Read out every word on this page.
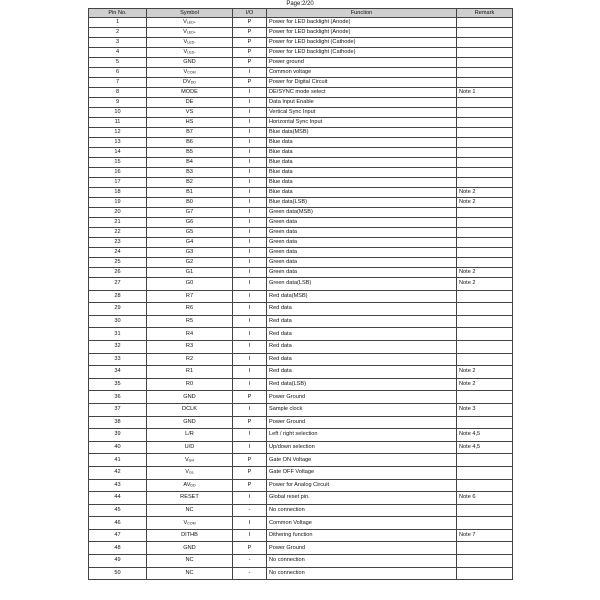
Page:2/20
Pin No.	Symbol	I/O	Function	Remark
1	$V_{LED+}$	P	Power for LED backlight (Anode)	
2	$V_{LED+}$	P	Power for LED backlight (Anode)	
3	$V_{LED-}$	P	Power for LED backlight (Cathode)	
4	$V_{LED-}$	P	Power for LED backlight (Cathode)	
5	GND	P	Power ground	
6	$V_{COM}$	I	Common voltage	
7	$DV_{DD}$	P	Power for Digital Circuit	
8	MODE	I	DE/SYNC mode select	Note 1
9	DE	I	Data Input Enable	
10	VS	I	Vertical Sync Input	
11	HS	I	Horizontal Sync Input	
12	B7	I	Blue data(MSB)	
13	B6	I	Blue data	
14	B5	I	Blue data	
15	B4	I	Blue data	
16	B3	I	Blue data	
17	B2	I	Blue data	
18	B1	I	Blue data	Note 2
19	B0	I	Blue data(LSB)	Note 2
20	G7	I	Green data(MSB)	
21	G6	I	Green data	
22	G5	I	Green data	
23	G4	I	Green data	
24	G3	I	Green data	
25	G2	I	Green data	
26	G1	I	Green data	Note 2
27	G0	I	Green data(LSB)	Note 2
28	R7	I	Red data(MSB)	
29	R6	I	Red data	
30	R5	I	Red data	
31	R4	I	Red data	
32	R3	I	Red data	
33	R2	I	Red data	
34	R1	I	Red data	Note 2
35	R0	I	Red data(LSB)	Note 2
36	GND	P	Power Ground	
37	DCLK	I	Sample clock	Note 3
38	GND	P	Power Ground	
39	L/R	I	Left / right selection	Note 4,5
40	U/D	I	Up/down selection	Note 4,5
41	$V_{GH}$	P	Gate ON Voltage	
42	$V_{GL}$	P	Gate OFF Voltage	
43	$AV_{DD}$	P	Power for Analog Circuit	
44	RESET	I	Global reset pin.	Note 6
45	NC	-	No connection	
46	$V_{COM}$	I	Common Voltage	
47	DITHB	I	Dithering function	Note 7
48	GND	P	Power Ground	
49	NC	-	No connection	
50	NC	-	No connection	
